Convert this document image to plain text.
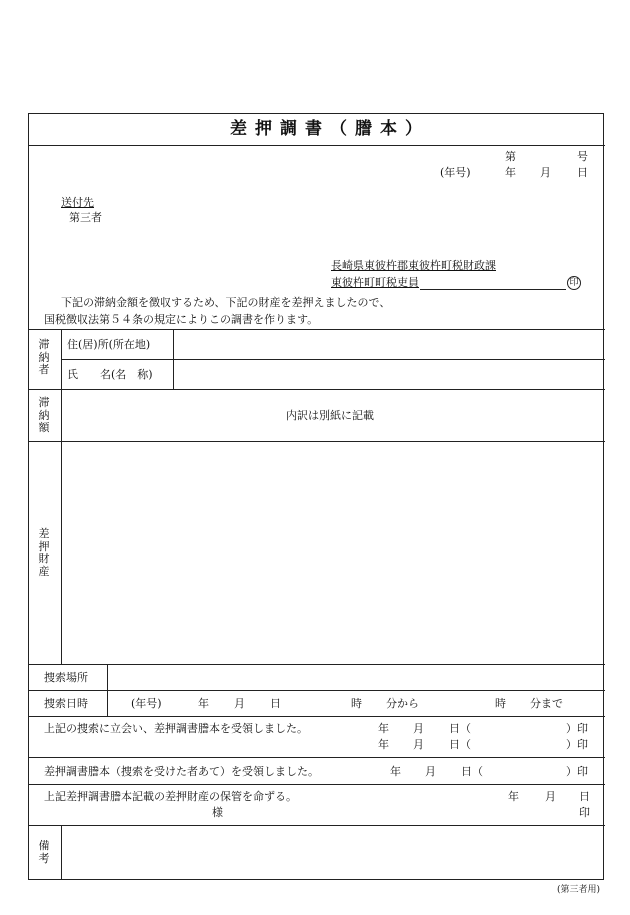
差押調書（謄本）
第	号
(年号)	年 月 日
送付先
第三者
長崎県東彼杵郡東彼杵町税財政課
東彼杵町町税吏員	印
下記の滞納金額を徴収するため、下記の財産を差押えましたので、
国税徴収法第５４条の規定によりこの調書を作ります。
滞納者
住(居)所(所在地)
氏　　名(名　称)
滞納額
内訳は別紙に記載
差押財産
捜索場所
捜索日時	(年号)	年 月 日	時 分から	時 分まで
上記の捜索に立会い、差押調書謄本を受領しました。	年 月 日（	）印
年 月 日（	）印
差押調書謄本（捜索を受けた者あて）を受領しました。	年 月 日（	）印
上記差押調書謄本記載の差押財産の保管を命ずる。
様
年 月 日
印
備考
(第三者用)
